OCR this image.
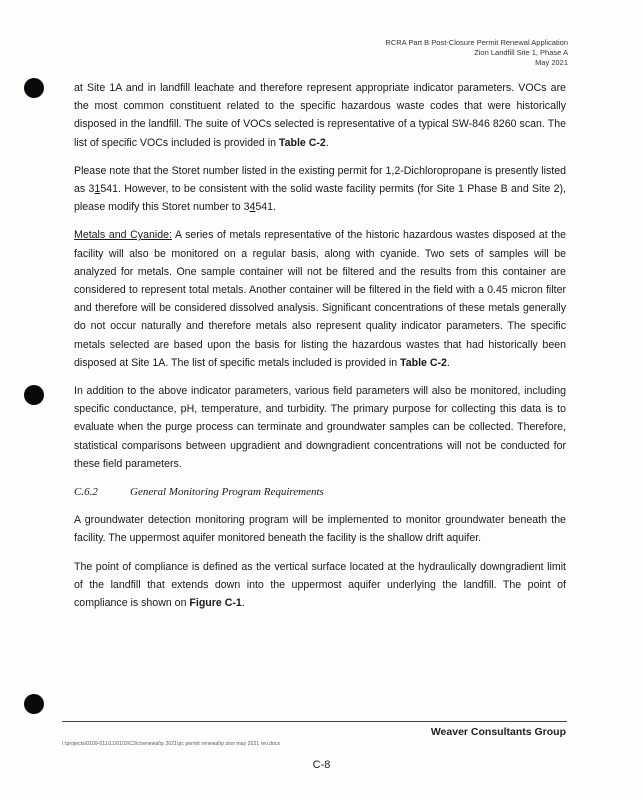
RCRA Part B Post-Closure Permit Renewal Application
Zion Landfill Site 1, Phase A
May 2021

at Site 1A and in landfill leachate and therefore represent appropriate indicator parameters. VOCs are the most common constituent related to the specific hazardous waste codes that were historically disposed in the landfill. The suite of VOCs selected is representative of a typical SW-846 8260 scan. The list of specific VOCs included is provided in Table C-2.

Please note that the Storet number listed in the existing permit for 1,2-Dichloropropane is presently listed as 31541. However, to be consistent with the solid waste facility permits (for Site 1 Phase B and Site 2), please modify this Storet number to 34541.

Metals and Cyanide: A series of metals representative of the historic hazardous wastes disposed at the facility will also be monitored on a regular basis, along with cyanide. Two sets of samples will be analyzed for metals. One sample container will not be filtered and the results from this container are considered to represent total metals. Another container will be filtered in the field with a 0.45 micron filter and therefore will be considered dissolved analysis. Significant concentrations of these metals generally do not occur naturally and therefore metals also represent quality indicator parameters. The specific metals selected are based upon the basis for listing the hazardous wastes that had historically been disposed at Site 1A. The list of specific metals included is provided in Table C-2.

In addition to the above indicator parameters, various field parameters will also be monitored, including specific conductance, pH, temperature, and turbidity. The primary purpose for collecting this data is to evaluate when the purge process can terminate and groundwater samples can be collected. Therefore, statistical comparisons between upgradient and downgradient concentrations will not be conducted for these field parameters.

C.6.2	General Monitoring Program Requirements

A groundwater detection monitoring program will be implemented to monitor groundwater beneath the facility. The uppermost aquifer monitored beneath the facility is the shallow drift aquifer.

The point of compliance is defined as the vertical surface located at the hydraulically downgradient limit of the landfill that extends down into the uppermost aquifer underlying the landfill. The point of compliance is shown on Figure C-1.

Weaver Consultants Group
I:\projects\0109-011\11\0103\C3\c\renewal\p 2021\pc permit renewal\p zion may 2021 rev.docx
C-8
